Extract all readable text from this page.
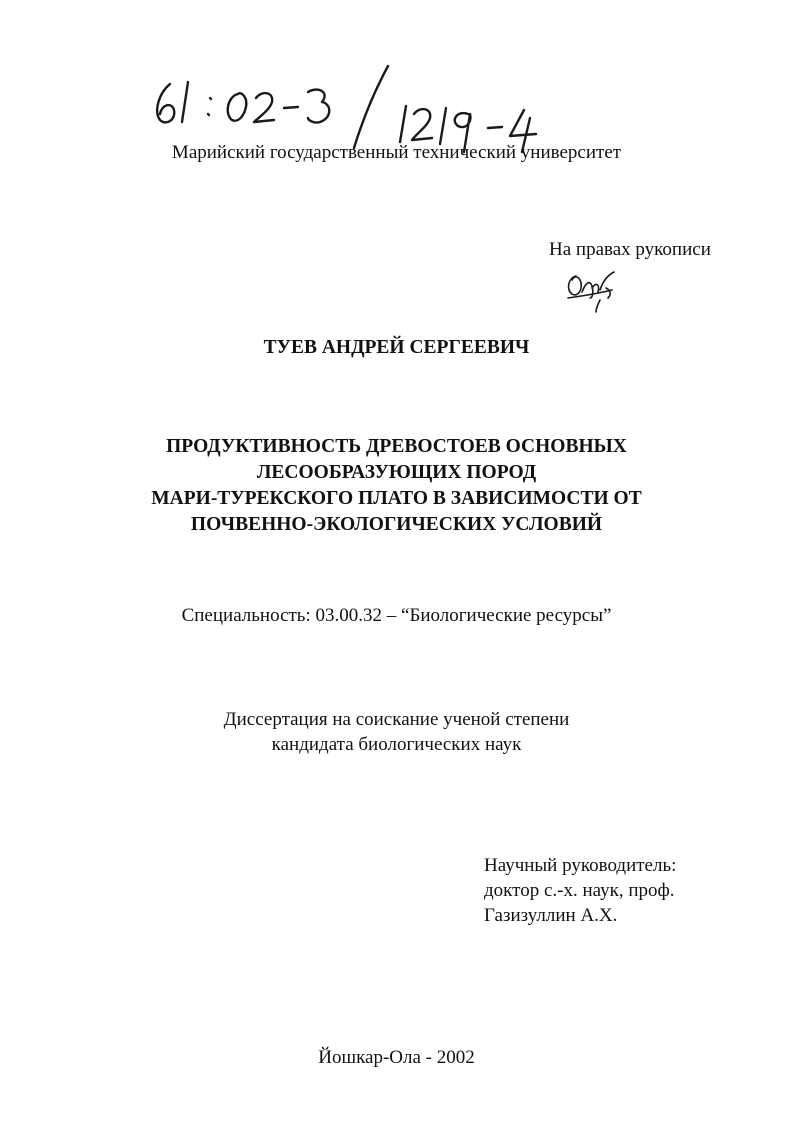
Марийский государственный технический университет
На правах рукописи
ТУЕВ АНДРЕЙ СЕРГЕЕВИЧ
ПРОДУКТИВНОСТЬ ДРЕВОСТОЕВ ОСНОВНЫХ
ЛЕСООБРАЗУЮЩИХ ПОРОД
МАРИ-ТУРЕКСКОГО ПЛАТО В ЗАВИСИМОСТИ ОТ
ПОЧВЕННО-ЭКОЛОГИЧЕСКИХ УСЛОВИЙ
Специальность: 03.00.32 – “Биологические ресурсы”
Диссертация на соискание ученой степени
кандидата биологических наук
Научный руководитель:
доктор с.-х. наук, проф.
Газизуллин А.Х.
Йошкар-Ола - 2002
